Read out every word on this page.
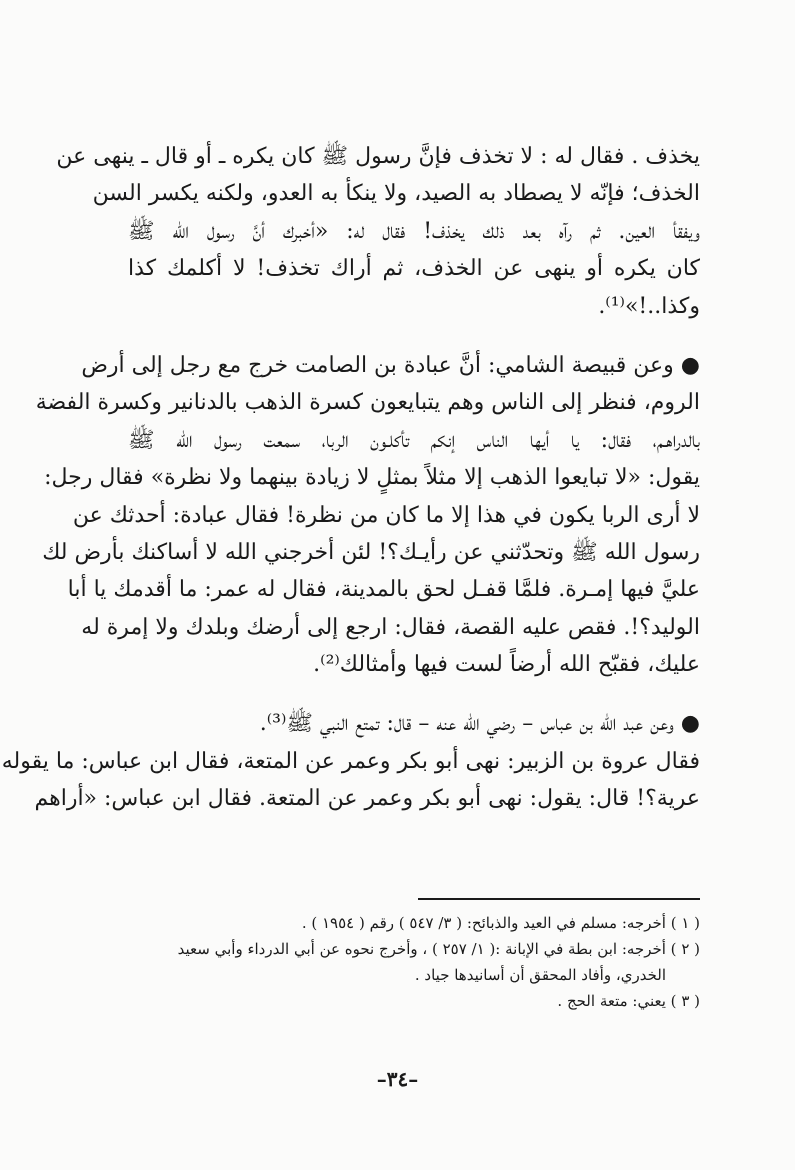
يخذف . فقال له : لا تخذف فإنَّ رسول ﷺ كان يكره ـ أو قال ـ ينهى عن
الخذف؛ فإنّه لا يصطاد به الصيد، ولا ينكأ به العدو، ولكنه يكسر السن
ويفقأ العين. ثم رآه بعد ذلك يخذف! فقال له: «أخبرك أنَّ رسول الله ﷺ
كان يكره أو ينهى عن الخذف، ثم أراك تخذف! لا أكلمك كذا
وكذا..!»⁽¹⁾.
● وعن قبيصة الشامي: أنَّ عبادة بن الصامت خرج مع رجل إلى أرض
الروم، فنظر إلى الناس وهم يتبايعون كسرة الذهب بالدنانير وكسرة الفضة
بالدراهـم، فقال: يا أيها الناس إنكم تأكلـون الربا، سمعت رسول الله ﷺ
يقول: «لا تبايعوا الذهب إلا مثلاً بمثلٍ لا زيادة بينهما ولا نظرة» فقال رجل:
لا أرى الربا يكون في هذا إلا ما كان من نظرة! فقال عبادة: أحدثك عن
رسول الله ﷺ وتحدّثني عن رأيـك؟! لئن أخرجني الله لا أساكنك بأرض لك
عليَّ فيها إمـرة. فلمَّا قفـل لحق بالمدينة، فقال له عمر: ما أقدمك يا أبا
الوليد؟!. فقص عليه القصة، فقال: ارجع إلى أرضك وبلدك ولا إمرة له
عليك، فقبّح الله أرضاً لست فيها وأمثالك⁽²⁾.
● وعن عبد الله بن عباس – رضي الله عنه – قال: تمتع النبي ﷺ⁽³⁾.
فقال عروة بن الزبير: نهى أبو بكر وعمر عن المتعة، فقال ابن عباس: ما يقوله
عرية؟! قال: يقول: نهى أبو بكر وعمر عن المتعة. فقال ابن عباس: «أراهم
( ١ ) أخرجه: مسلم في العيد والذبائح: ( ٣/ ٥٤٧ ) رقم ( ١٩٥٤ ) .
( ٢ ) أخرجه: ابن بطة في الإبانة :( ١/ ٢٥٧ ) ، وأخرج نحوه عن أبي الدرداء وأبي سعيد
الخدري، وأفاد المحقق أن أسانيدها جياد .
( ٣ ) يعني: متعة الحج .
–٣٤–
